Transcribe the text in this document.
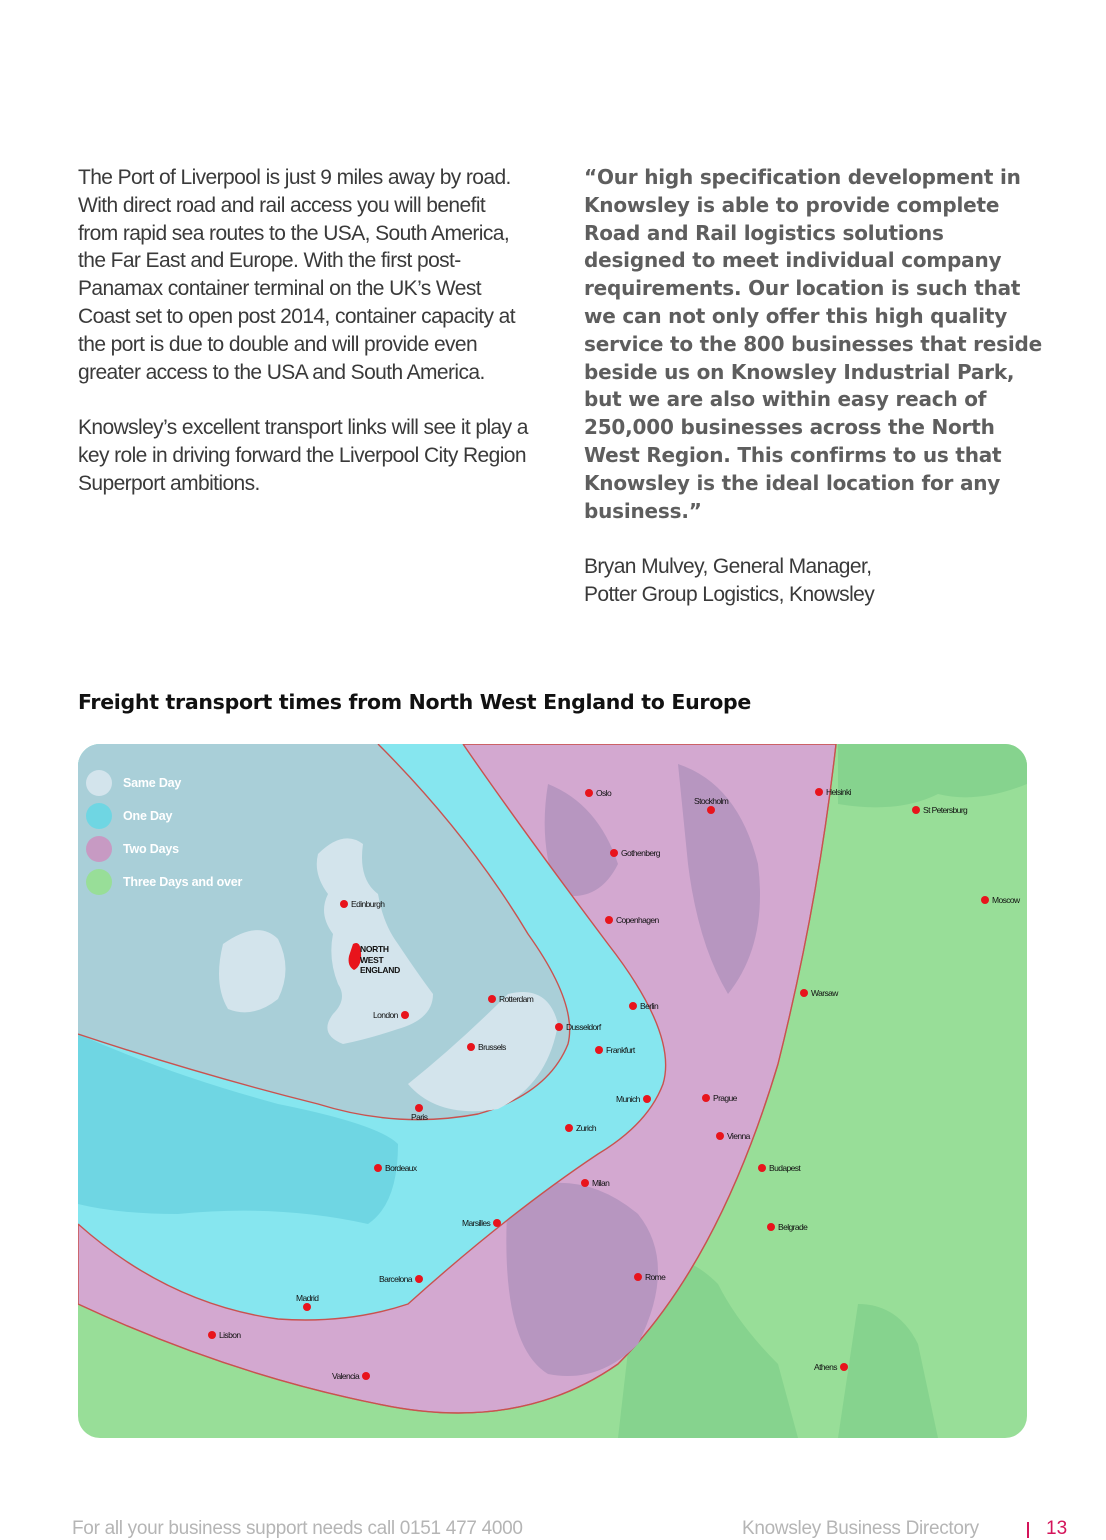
The Port of Liverpool is just 9 miles away by road. With direct road and rail access you will benefit from rapid sea routes to the USA, South America, the Far East and Europe. With the first post-Panamax container terminal on the UK’s West Coast set to open post 2014, container capacity at the port is due to double and will provide even greater access to the USA and South America.

Knowsley’s excellent transport links will see it play a key role in driving forward the Liverpool City Region Superport ambitions.

“Our high specification development in Knowsley is able to provide complete Road and Rail logistics solutions designed to meet individual company requirements. Our location is such that we can not only offer this high quality service to the 800 businesses that reside beside us on Knowsley Industrial Park, but we are also within easy reach of 250,000 businesses across the North West Region. This confirms to us that Knowsley is the ideal location for any business.”

Bryan Mulvey, General Manager,
Potter Group Logistics, Knowsley

Freight transport times from North West England to Europe
Same Day
One Day
Two Days
Three Days and over
NORTH
WEST
ENGLAND
Edinburgh
London
Rotterdam
Brussels
Paris
Dusseldorf
Frankfurt
Berlin
Munich
Zurich
Copenhagen
Bordeaux
Marsilles
Barcelona
Madrid
Milan
Oslo
Gothenberg
Stockholm
Helsinki
Warsaw
Prague
Vienna
Rome
Lisbon
Valencia
St Petersburg
Moscow
Budapest
Belgrade
Athens
For all your business support needs call 0151 477 4000	Knowsley Business Directory	13
